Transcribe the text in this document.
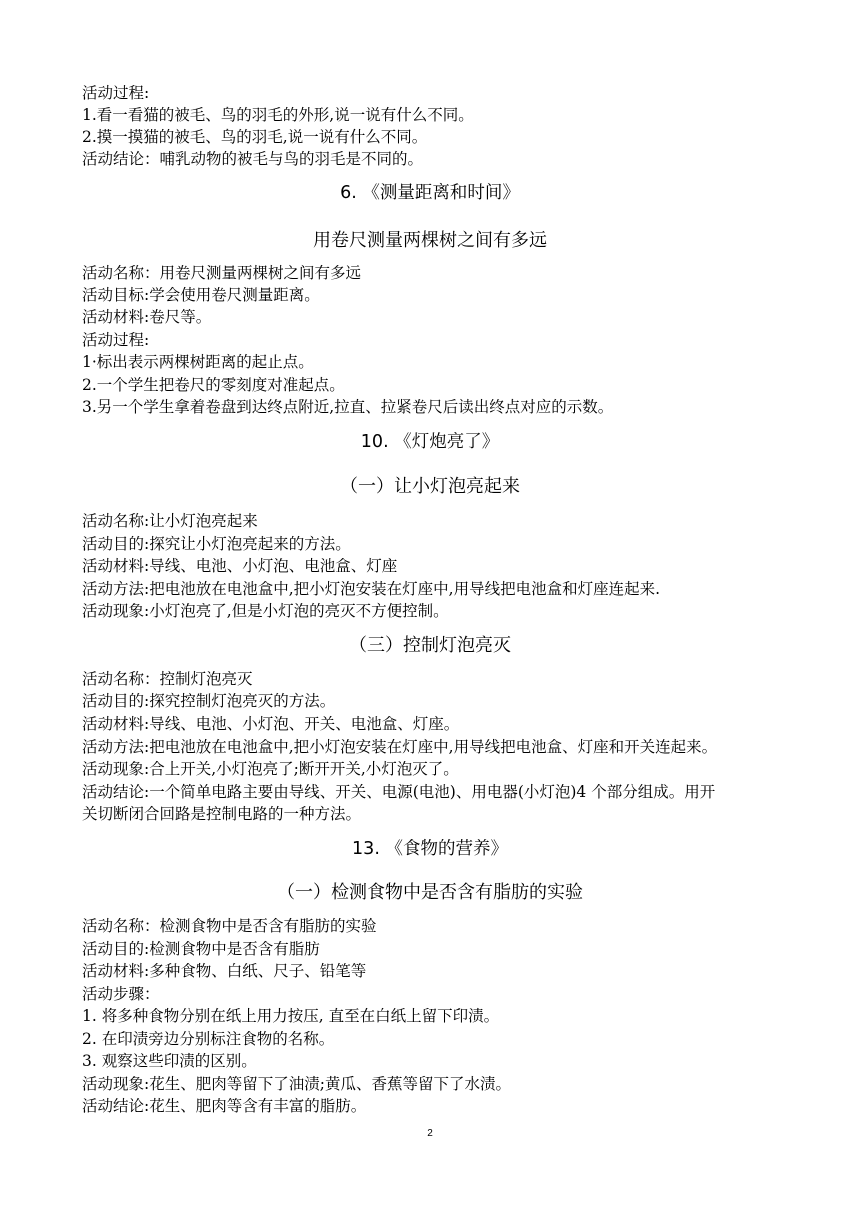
活动过程:
1.看一看猫的被毛、鸟的羽毛的外形,说一说有什么不同。
2.摸一摸猫的被毛、鸟的羽毛,说一说有什么不同。
活动结论：哺乳动物的被毛与鸟的羽毛是不同的。
6. 《测量距离和时间》
用卷尺测量两棵树之间有多远
活动名称：用卷尺测量两棵树之间有多远
活动目标:学会使用卷尺测量距离。
活动材料:卷尺等。
活动过程:
1·标出表示两棵树距离的起止点。
2.一个学生把卷尺的零刻度对准起点。
3.另一个学生拿着卷盘到达终点附近,拉直、拉紧卷尺后读出终点对应的示数。
10. 《灯炮亮了》
（一）让小灯泡亮起来
活动名称:让小灯泡亮起来
活动目的:探究让小灯泡亮起来的方法。
活动材料:导线、电池、小灯泡、电池盒、灯座
活动方法:把电池放在电池盒中,把小灯泡安装在灯座中,用导线把电池盒和灯座连起来.
活动现象:小灯泡亮了,但是小灯泡的亮灭不方便控制。
（三）控制灯泡亮灭
活动名称：控制灯泡亮灭
活动目的:探究控制灯泡亮灭的方法。
活动材料:导线、电池、小灯泡、开关、电池盒、灯座。
活动方法:把电池放在电池盒中,把小灯泡安装在灯座中,用导线把电池盒、灯座和开关连起来。
活动现象:合上开关,小灯泡亮了;断开开关,小灯泡灭了。
活动结论:一个简单电路主要由导线、开关、电源(电池)、用电器(小灯泡)4 个部分组成。用开
关切断闭合回路是控制电路的一种方法。
13. 《食物的营养》
（一）检测食物中是否含有脂肪的实验
活动名称：检测食物中是否含有脂肪的实验
活动目的:检测食物中是否含有脂肪
活动材料:多种食物、白纸、尺子、铅笔等
活动步骤：
1. 将多种食物分别在纸上用力按压, 直至在白纸上留下印渍。
2. 在印渍旁边分别标注食物的名称。
3. 观察这些印渍的区别。
活动现象:花生、肥肉等留下了油渍;黄瓜、香蕉等留下了水渍。
活动结论:花生、肥肉等含有丰富的脂肪。
2
